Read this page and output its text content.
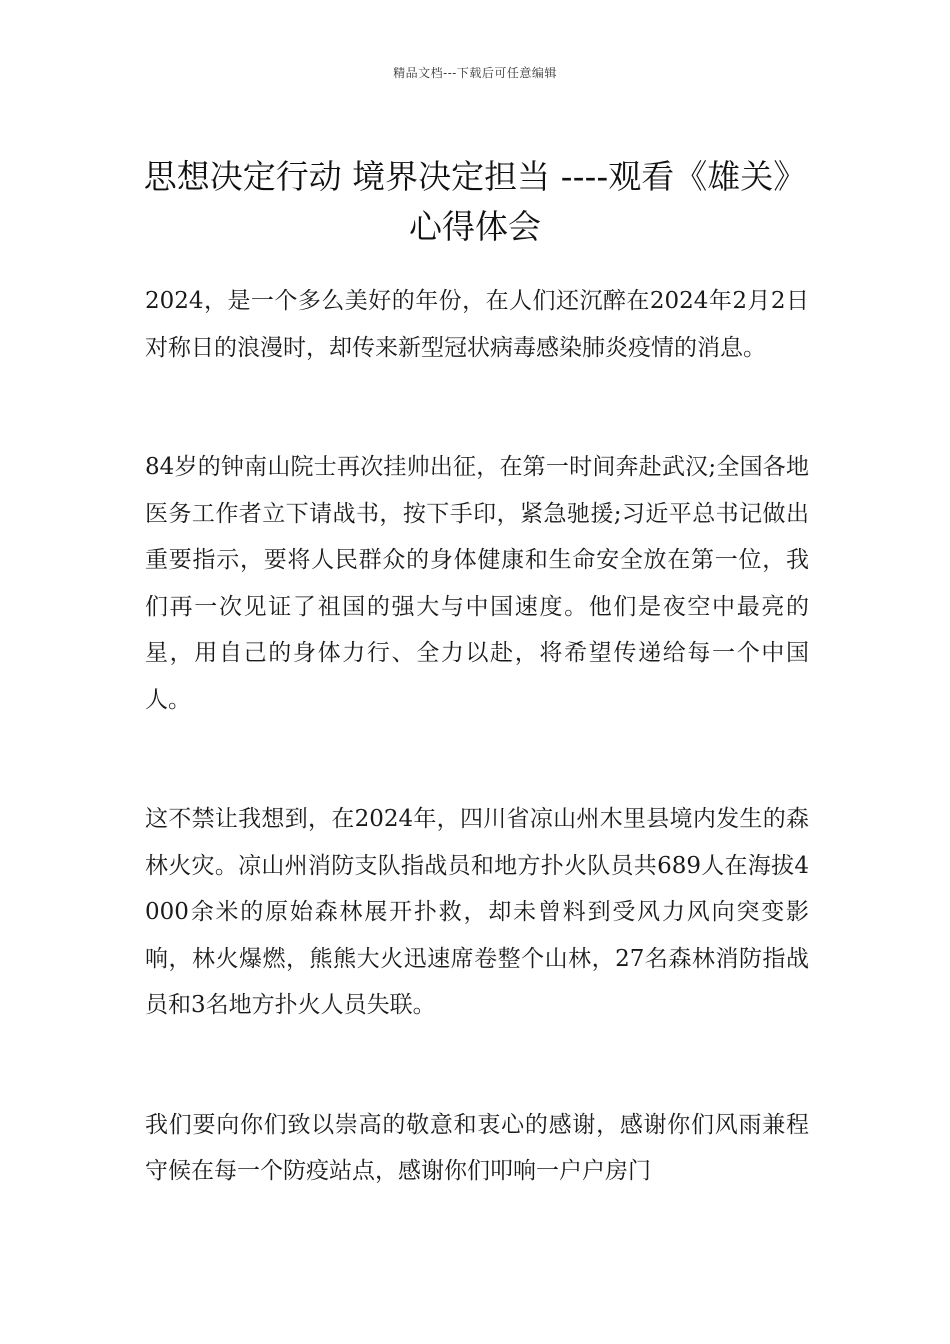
精品文档---下载后可任意编辑
思想决定行动 境界决定担当 ----观看《雄关》心得体会

2024，是一个多么美好的年份，在人们还沉醉在2024年2月2日对称日的浪漫时，却传来新型冠状病毒感染肺炎疫情的消息。

84岁的钟南山院士再次挂帅出征，在第一时间奔赴武汉;全国各地医务工作者立下请战书，按下手印，紧急驰援;习近平总书记做出重要指示，要将人民群众的身体健康和生命安全放在第一位，我们再一次见证了祖国的强大与中国速度。他们是夜空中最亮的星，用自己的身体力行、全力以赴，将希望传递给每一个中国人。

这不禁让我想到，在2024年，四川省凉山州木里县境内发生的森林火灾。凉山州消防支队指战员和地方扑火队员共689人在海拔4000余米的原始森林展开扑救，却未曾料到受风力风向突变影响，林火爆燃，熊熊大火迅速席卷整个山林，27名森林消防指战员和3名地方扑火人员失联。

我们要向你们致以崇高的敬意和衷心的感谢，感谢你们风雨兼程守候在每一个防疫站点，感谢你们叩响一户户房门
